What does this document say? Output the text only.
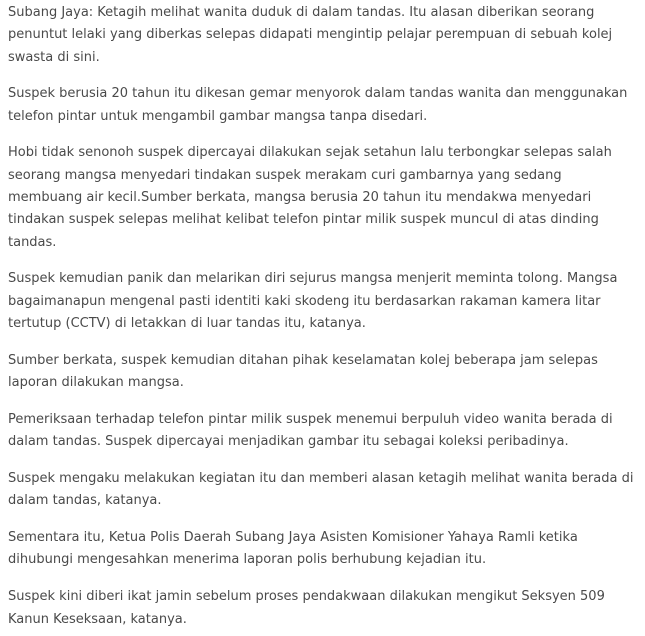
Subang Jaya: Ketagih melihat wanita duduk di dalam tandas. Itu alasan diberikan seorang penuntut lelaki yang diberkas selepas didapati mengintip pelajar perempuan di sebuah kolej swasta di sini.

Suspek berusia 20 tahun itu dikesan gemar menyorok dalam tandas wanita dan menggunakan telefon pintar untuk mengambil gambar mangsa tanpa disedari.

Hobi tidak senonoh suspek dipercayai dilakukan sejak setahun lalu terbongkar selepas salah seorang mangsa menyedari tindakan suspek merakam curi gambarnya yang sedang membuang air kecil.Sumber berkata, mangsa berusia 20 tahun itu mendakwa menyedari tindakan suspek selepas melihat kelibat telefon pintar milik suspek muncul di atas dinding tandas.

Suspek kemudian panik dan melarikan diri sejurus mangsa menjerit meminta tolong. Mangsa bagaimanapun mengenal pasti identiti kaki skodeng itu berdasarkan rakaman kamera litar tertutup (CCTV) di letakkan di luar tandas itu, katanya.

Sumber berkata, suspek kemudian ditahan pihak keselamatan kolej beberapa jam selepas laporan dilakukan mangsa.

Pemeriksaan terhadap telefon pintar milik suspek menemui berpuluh video wanita berada di dalam tandas. Suspek dipercayai menjadikan gambar itu sebagai koleksi peribadinya.

Suspek mengaku melakukan kegiatan itu dan memberi alasan ketagih melihat wanita berada di dalam tandas, katanya.

Sementara itu, Ketua Polis Daerah Subang Jaya Asisten Komisioner Yahaya Ramli ketika dihubungi mengesahkan menerima laporan polis berhubung kejadian itu.

Suspek kini diberi ikat jamin sebelum proses pendakwaan dilakukan mengikut Seksyen 509 Kanun Keseksaan, katanya.
